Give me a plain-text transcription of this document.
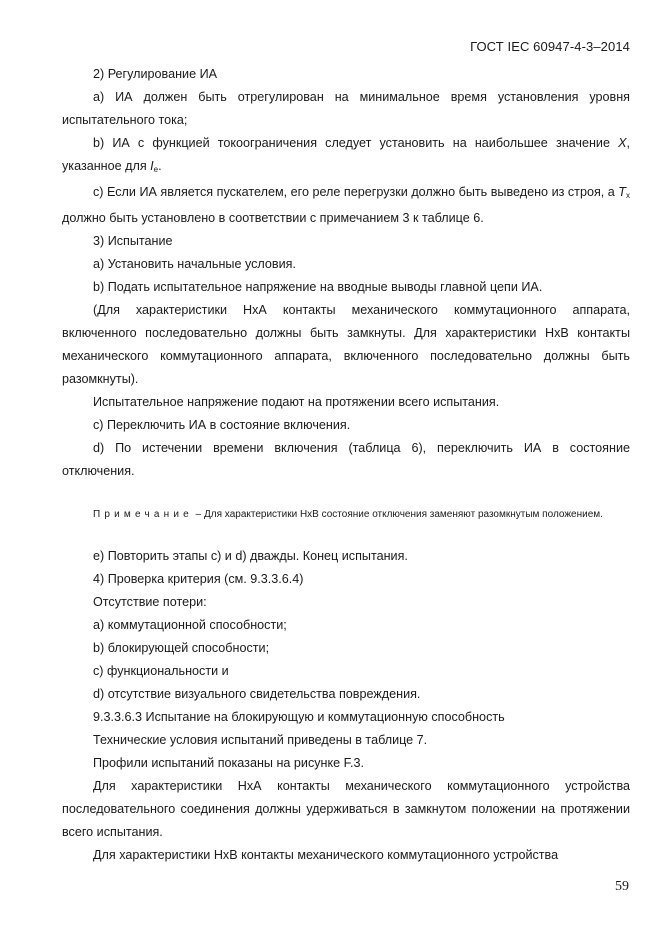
ГОСТ IEC 60947-4-3–2014

2) Регулирование ИА

a) ИА должен быть отрегулирован на минимальное время установления уровня испытательного тока;

b) ИА с функцией токоограничения следует установить на наибольшее значение X, указанное для $I_e$.

c) Если ИА является пускателем, его реле перегрузки должно быть выведено из строя, а $T_x$ должно быть установлено в соответствии с примечанием 3 к таблице 6.

3) Испытание

a) Установить начальные условия.

b) Подать испытательное напряжение на вводные выводы главной цепи ИА.

(Для характеристики НхА контакты механического коммутационного аппарата, включенного последовательно должны быть замкнуты. Для характеристики НхВ контакты механического коммутационного аппарата, включенного последовательно должны быть разомкнуты).

Испытательное напряжение подают на протяжении всего испытания.

c) Переключить ИА в состояние включения.

d) По истечении времени включения (таблица 6), переключить ИА в состояние отключения.

Примечание – Для характеристики НхВ состояние отключения заменяют разомкнутым положением.

e) Повторить этапы c) и d) дважды. Конец испытания.

4) Проверка критерия (см. 9.3.3.6.4)

Отсутствие потери:

a) коммутационной способности;

b) блокирующей способности;

c) функциональности и

d) отсутствие визуального свидетельства повреждения.

9.3.3.6.3 Испытание на блокирующую и коммутационную способность

Технические условия испытаний приведены в таблице 7.

Профили испытаний показаны на рисунке F.3.

Для характеристики НхА контакты механического коммутационного устройства последовательного соединения должны удерживаться в замкнутом положении на протяжении всего испытания.

Для характеристики НхВ контакты механического коммутационного устройства

59
